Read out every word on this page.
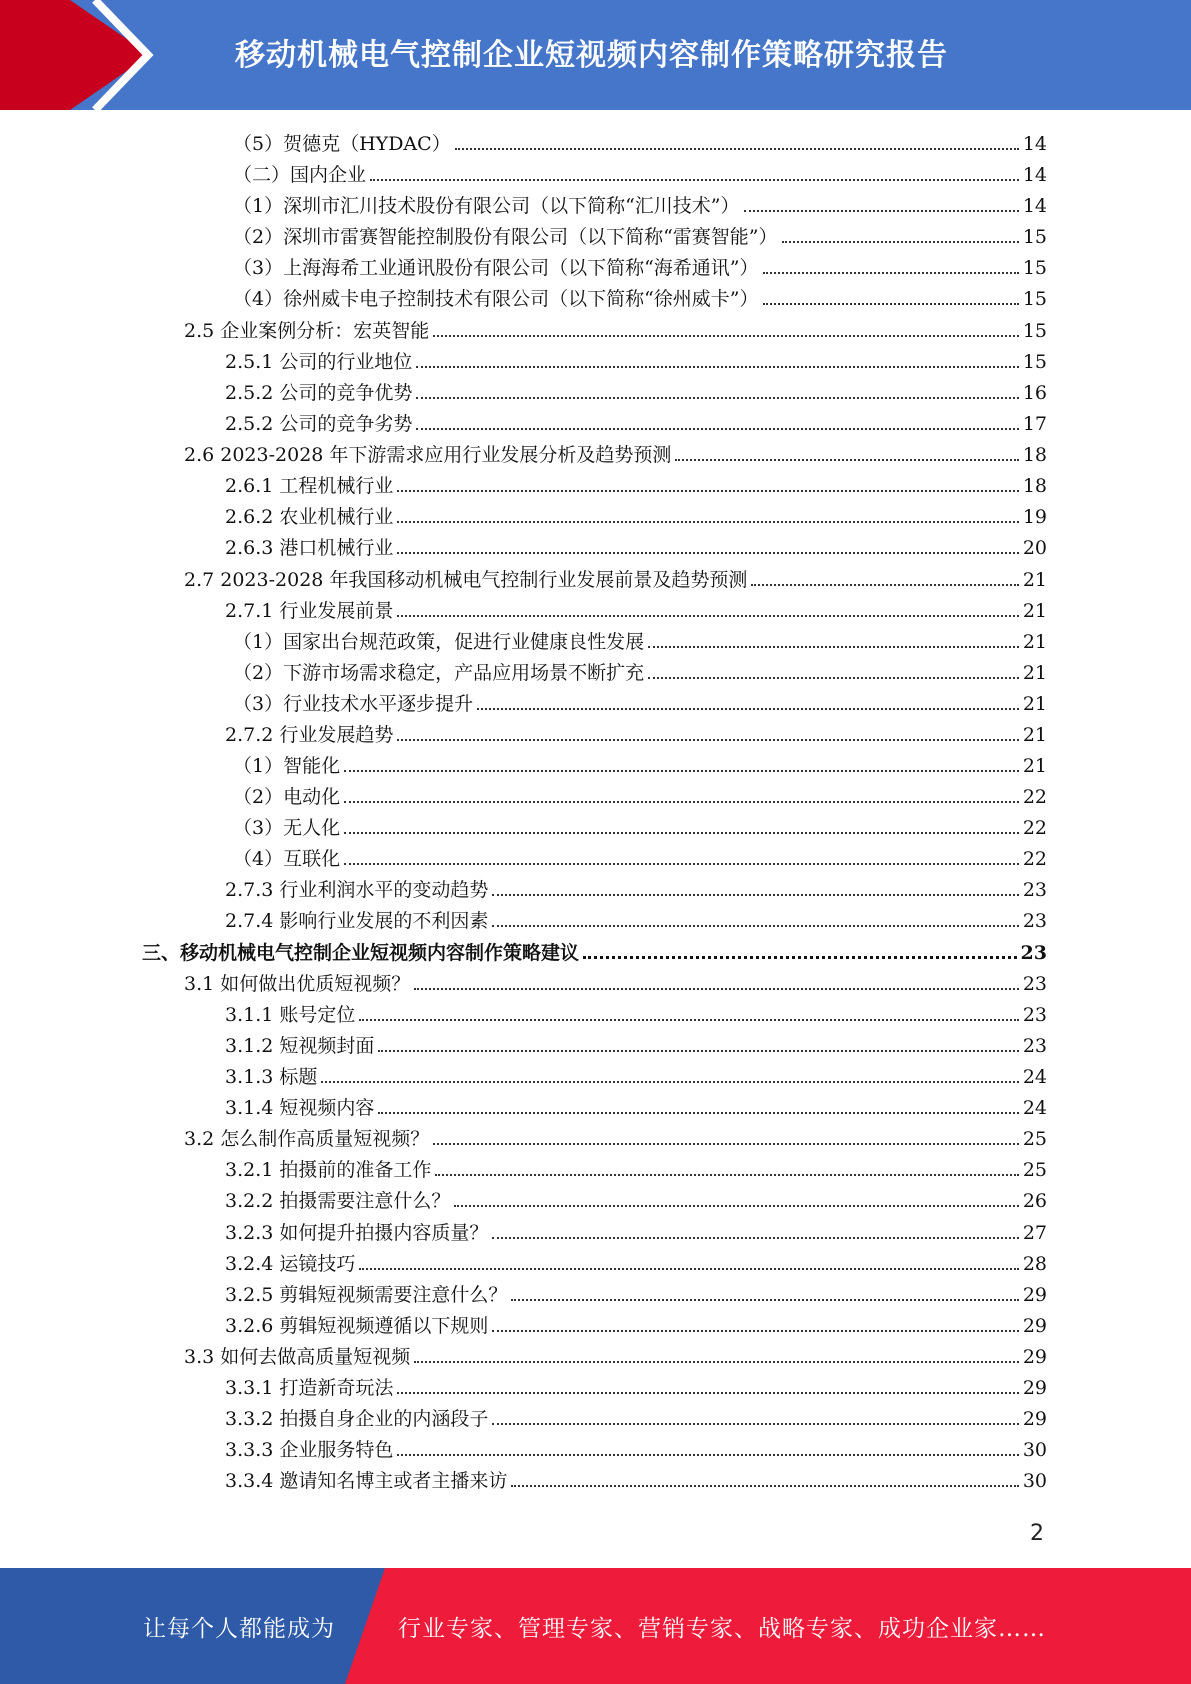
移动机械电气控制企业短视频内容制作策略研究报告
（5）贺德克（HYDAC）	14
（二）国内企业	14
（1）深圳市汇川技术股份有限公司（以下简称“汇川技术”）	14
（2）深圳市雷赛智能控制股份有限公司（以下简称“雷赛智能”）	15
（3）上海海希工业通讯股份有限公司（以下简称“海希通讯”）	15
（4）徐州威卡电子控制技术有限公司（以下简称“徐州威卡”）	15
2.5 企业案例分析：宏英智能	15
2.5.1 公司的行业地位	15
2.5.2 公司的竞争优势	16
2.5.2 公司的竞争劣势	17
2.6 2023-2028 年下游需求应用行业发展分析及趋势预测	18
2.6.1 工程机械行业	18
2.6.2 农业机械行业	19
2.6.3 港口机械行业	20
2.7 2023-2028 年我国移动机械电气控制行业发展前景及趋势预测	21
2.7.1 行业发展前景	21
（1）国家出台规范政策，促进行业健康良性发展	21
（2）下游市场需求稳定，产品应用场景不断扩充	21
（3）行业技术水平逐步提升	21
2.7.2 行业发展趋势	21
（1）智能化	21
（2）电动化	22
（3）无人化	22
（4）互联化	22
2.7.3 行业利润水平的变动趋势	23
2.7.4 影响行业发展的不利因素	23
三、移动机械电气控制企业短视频内容制作策略建议	23
3.1 如何做出优质短视频？	23
3.1.1 账号定位	23
3.1.2 短视频封面	23
3.1.3 标题	24
3.1.4 短视频内容	24
3.2 怎么制作高质量短视频？	25
3.2.1 拍摄前的准备工作	25
3.2.2 拍摄需要注意什么？	26
3.2.3 如何提升拍摄内容质量？	27
3.2.4 运镜技巧	28
3.2.5 剪辑短视频需要注意什么？	29
3.2.6 剪辑短视频遵循以下规则	29
3.3 如何去做高质量短视频	29
3.3.1 打造新奇玩法	29
3.3.2 拍摄自身企业的内涵段子	29
3.3.3 企业服务特色	30
3.3.4 邀请知名博主或者主播来访	30
2
让每个人都能成为	行业专家、管理专家、营销专家、战略专家、成功企业家……
